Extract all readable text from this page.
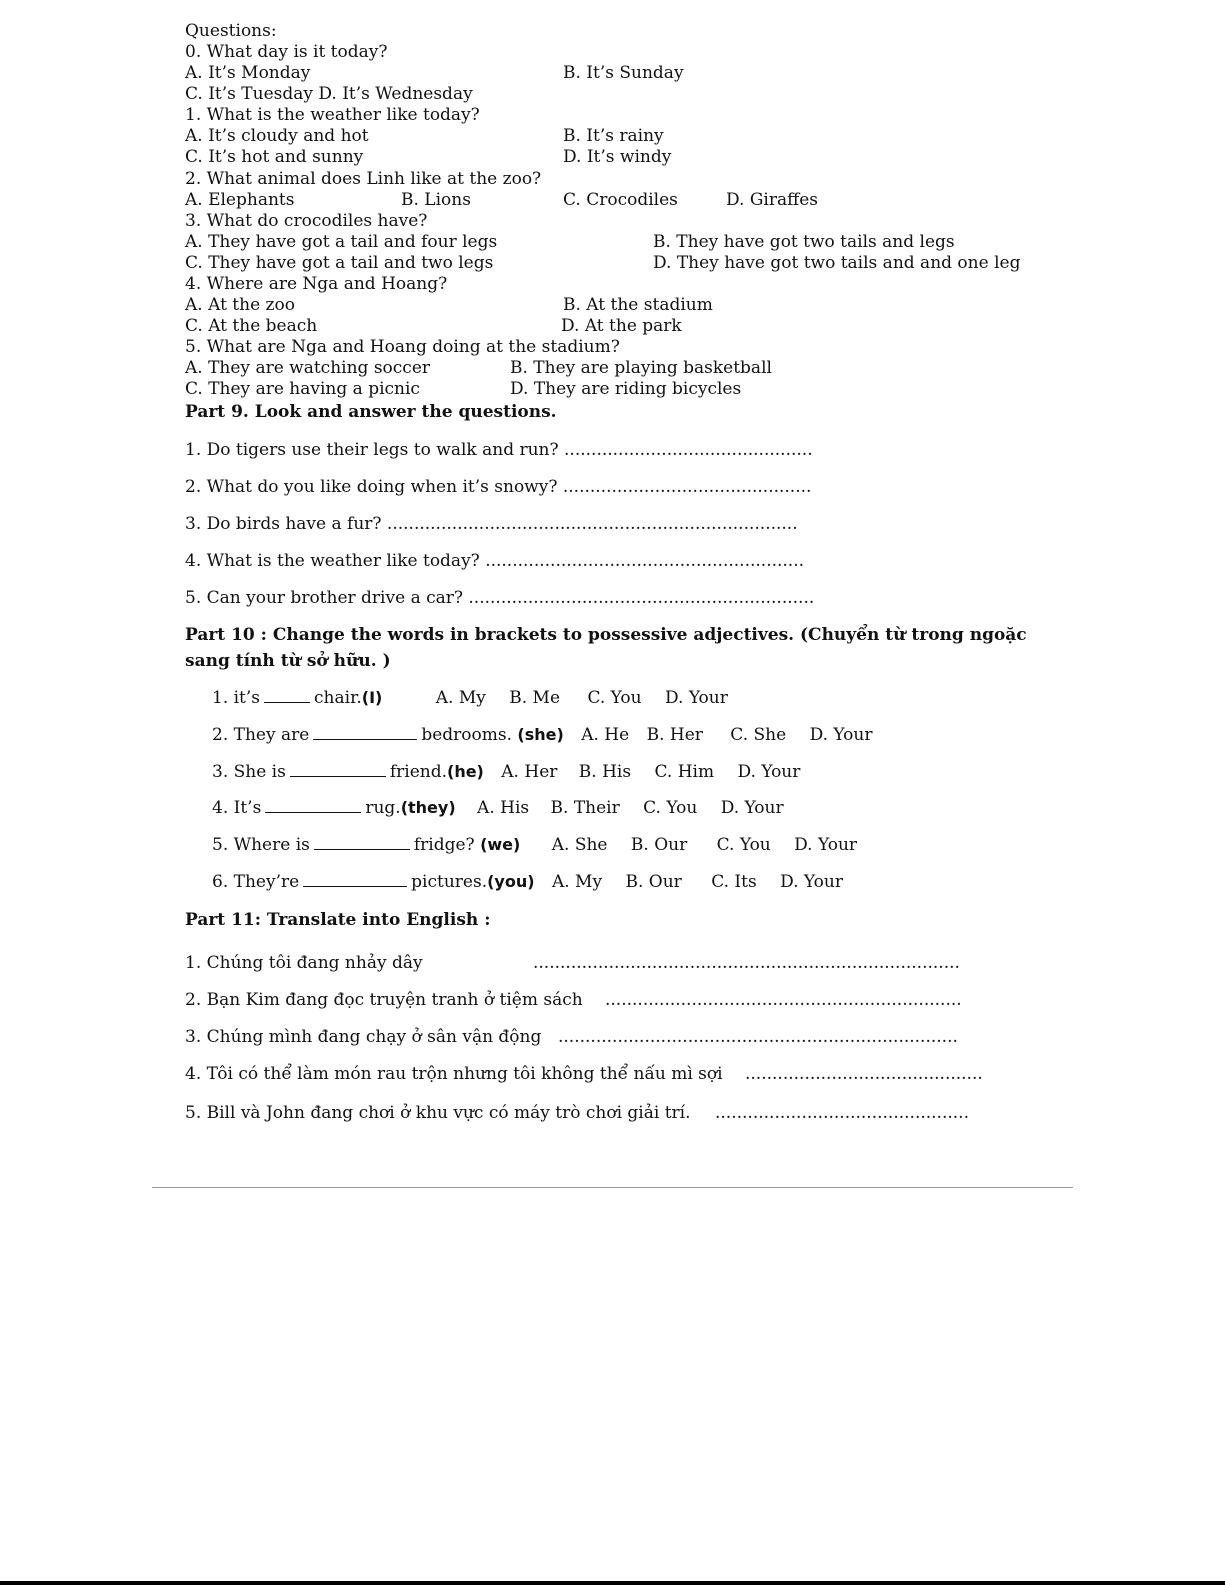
Questions:
0. What day is it today?
A. It’s Monday	B. It’s Sunday
C. It’s Tuesday D. It’s Wednesday
1. What is the weather like today?
A. It’s cloudy and hot	B. It’s rainy
C. It’s hot and sunny	D. It’s windy
2. What animal does Linh like at the zoo?
A. Elephants	B. Lions	C. Crocodiles	D. Giraffes
3. What do crocodiles have?
A. They have got a tail and four legs	B. They have got two tails and legs
C. They have got a tail and two legs	D. They have got two tails and and one leg
4. Where are Nga and Hoang?
A. At the zoo	B. At the stadium
C. At the beach	D. At the park
5. What are Nga and Hoang doing at the stadium?
A. They are watching soccer	B. They are playing basketball
C. They are having a picnic	D. They are riding bicycles
Part 9. Look and answer the questions.
1. Do tigers use their legs to walk and run? ..............................................
2. What do you like doing when it’s snowy? ..............................................
3. Do birds have a fur? ............................................................................
4. What is the weather like today? ...........................................................
5. Can your brother drive a car? ................................................................
Part 10 : Change the words in brackets to possessive adjectives. (Chuyển từ trong ngoặc
sang tính từ sở hữu. )
1. it’s	chair.(I)	A. My B. Me C. You D. Your
2. They are	bedrooms. (she) A. He B. Her C. She D. Your
3. She is	friend.(he) A. Her B. His C. Him D. Your
4. It’s	rug.(they) A. His B. Their C. You D. Your
5. Where is	fridge? (we) A. She B. Our C. You D. Your
6. They’re	pictures.(you) A. My B. Our C. Its D. Your
Part 11: Translate into English :
1. Chúng tôi đang nhảy dây	...............................................................................
2. Bạn Kim đang đọc truyện tranh ở tiệm sách ..................................................................
3. Chúng mình đang chạy ở sân vận động ..........................................................................
4. Tôi có thể làm món rau trộn nhưng tôi không thể nấu mì sợi ............................................
5. Bill và John đang chơi ở khu vực có máy trò chơi giải trí. ...............................................
